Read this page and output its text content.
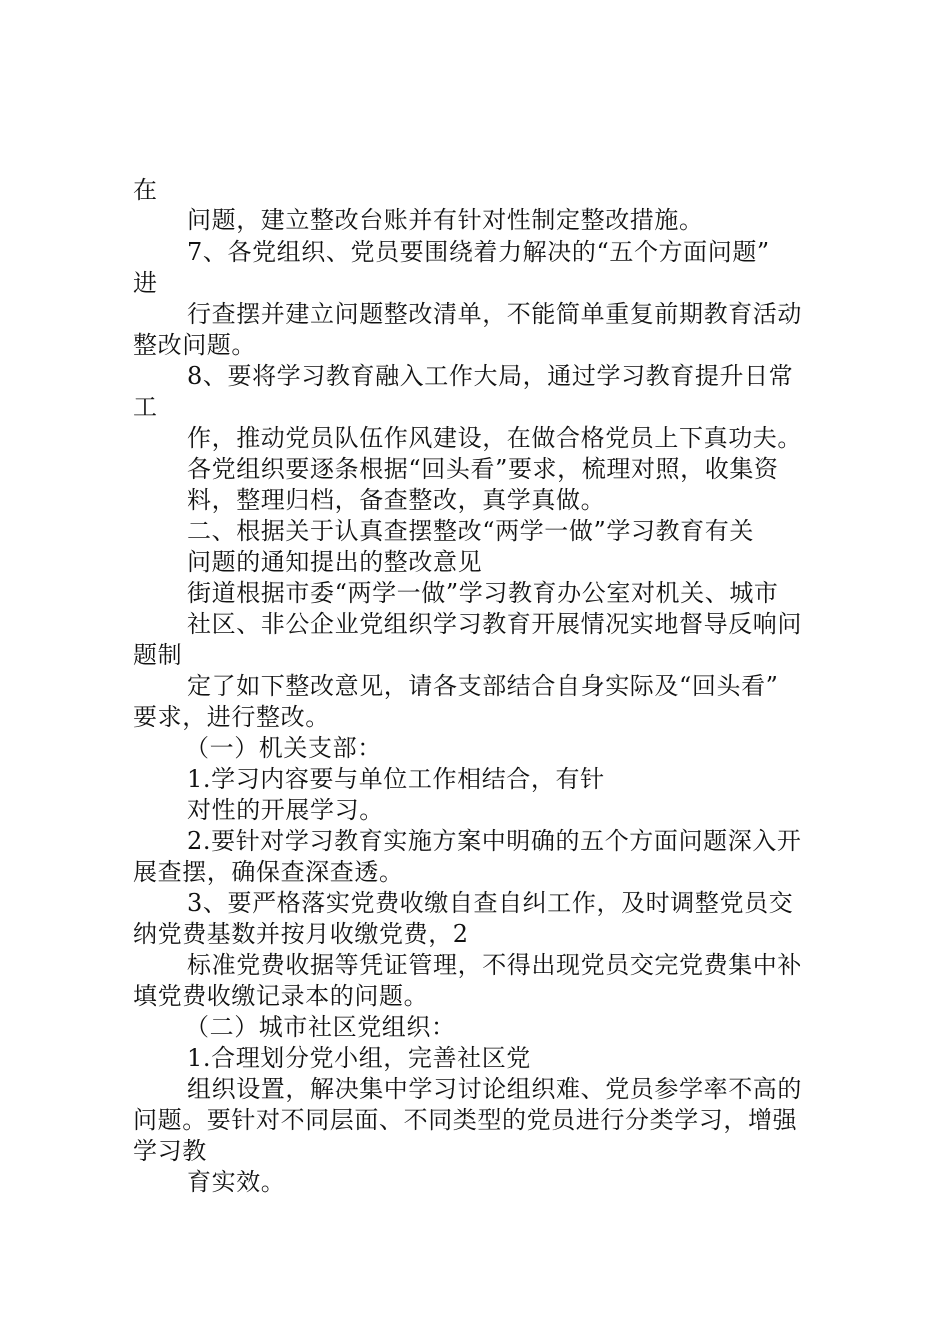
在
问题，建立整改台账并有针对性制定整改措施。
7、各党组织、党员要围绕着力解决的“五个方面问题”
进
行查摆并建立问题整改清单，不能简单重复前期教育活动
整改问题。
8、要将学习教育融入工作大局，通过学习教育提升日常
工
作，推动党员队伍作风建设，在做合格党员上下真功夫。
各党组织要逐条根据“回头看”要求，梳理对照，收集资
料，整理归档，备查整改，真学真做。
二、根据关于认真查摆整改“两学一做”学习教育有关
问题的通知提出的整改意见
街道根据市委“两学一做”学习教育办公室对机关、城市
社区、非公企业党组织学习教育开展情况实地督导反响问
题制
定了如下整改意见，请各支部结合自身实际及“回头看”
要求，进行整改。
（一）机关支部：
1.学习内容要与单位工作相结合，有针
对性的开展学习。
2.要针对学习教育实施方案中明确的五个方面问题深入开
展查摆，确保查深查透。
3、要严格落实党费收缴自查自纠工作，及时调整党员交
纳党费基数并按月收缴党费，2
标准党费收据等凭证管理，不得出现党员交完党费集中补
填党费收缴记录本的问题。
（二）城市社区党组织：
1.合理划分党小组，完善社区党
组织设置，解决集中学习讨论组织难、党员参学率不高的
问题。要针对不同层面、不同类型的党员进行分类学习，增强
学习教
育实效。
